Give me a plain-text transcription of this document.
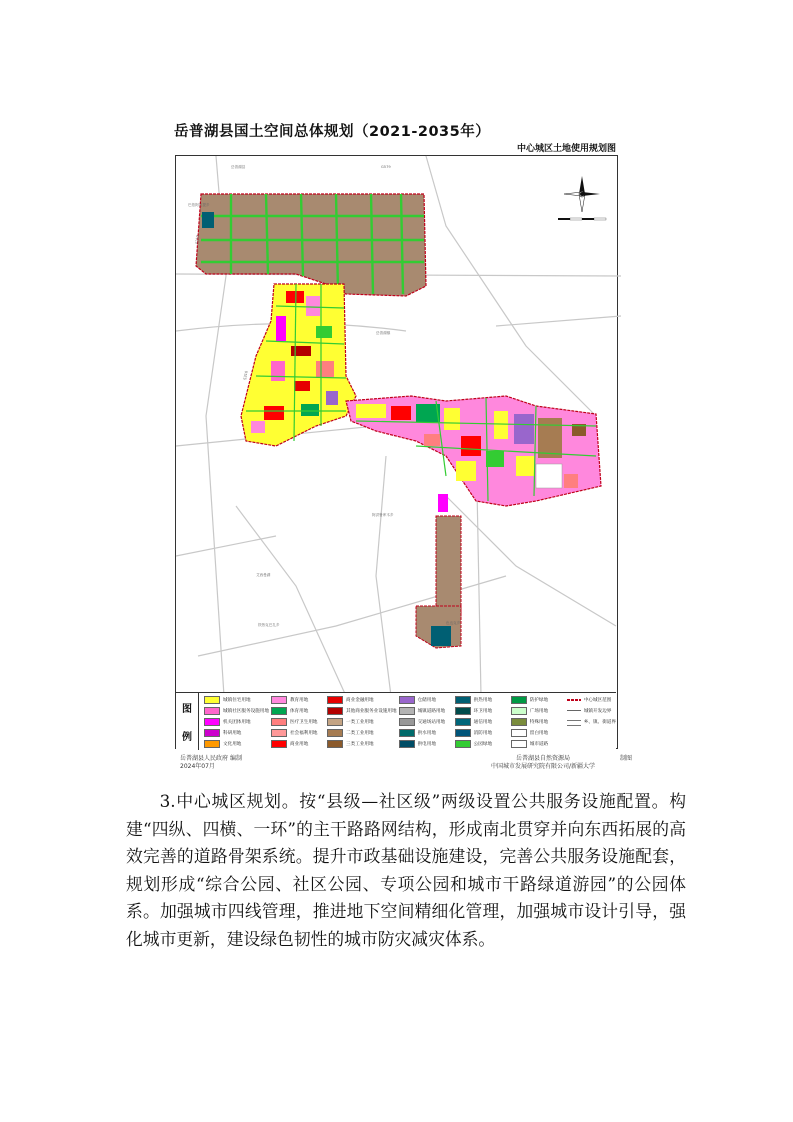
岳普湖县国土空间总体规划（2021-2035年）
中心城区土地使用规划图
岳普湖县	G579
S215
S310
巴依阿瓦提乡
岳普湖镇
阿洪鲁库木乡
艾西曼湖
铁热克巴扎乡	色也克乡
图
例
城镇住宅用地
城镇社区服务设施用地
机关团体用地
科研用地
文化用地
教育用地
体育用地
医疗卫生用地
社会福利用地
商业用地
商业金融用地
其他商业服务业设施用地
一类工业用地
二类工业用地
三类工业用地
仓储用地
城镇道路用地
交通场站用地
供水用地
供电用地
供热用地
环卫用地
通信用地
消防用地
公园绿地
防护绿地
广场用地
特殊用地
留白用地
城市道路
中心城区范围
城镇开发边界
乡、镇、街道界
岳普湖县人民政府
2024年07月
编制	岳普湖县自然资源局
中国城市发展研究院有限公司/新疆大学
制图
3.中心城区规划。按“县级—社区级”两级设置公共服务设施配置。构建“四纵、四横、一环”的主干路路网结构，形成南北贯穿并向东西拓展的高效完善的道路骨架系统。提升市政基础设施建设，完善公共服务设施配套，规划形成“综合公园、社区公园、专项公园和城市干路绿道游园”的公园体系。加强城市四线管理，推进地下空间精细化管理，加强城市设计引导，强化城市更新，建设绿色韧性的城市防灾减灾体系。
